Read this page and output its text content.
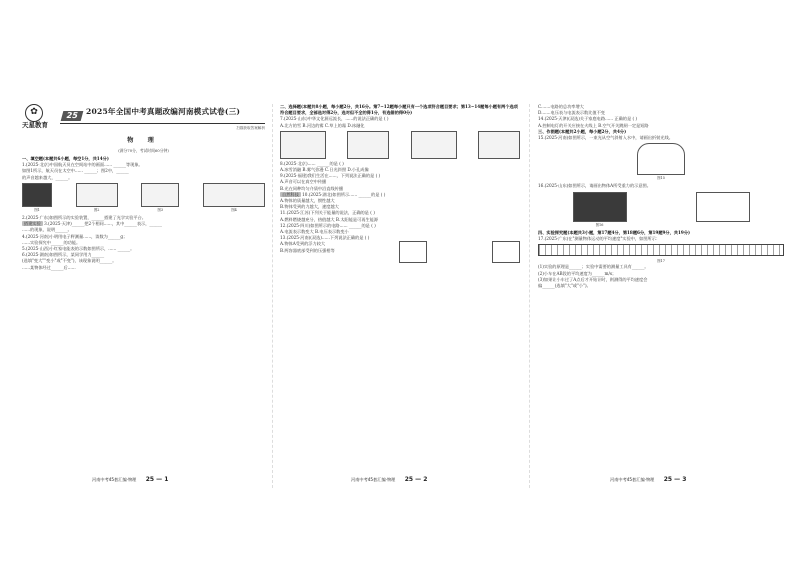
✿
天星教育
25 2025年全国中考真题改编河南模式试卷(三)
扫描获取答案解析
物 理
(满分70分，考试时间60分钟)
一、填空题(本题共6小题，每空1分，共14分)
1.(2025·北京)中国航天员在空间站中的画面...... ______等现象。
如图1所示，航天员在太空中...... ______；图2中，______
的声音越来越大，______。
图1	图2	图3	图4
2.(2025·广东)如图所示的实验装置，______搭建了光学实验平台。
搭建实验 3.(2025·天津)______把2个相同......，其中______表示，______
......的现象，说明______。
4.(2025·河南)小明用电子秤测量......，读数为______g；
......实验探究中______的功能。
5.(2025·山西)小红家电能表的示数如图所示，...... ______。
6.(2025·湖南)如图所示，某同学用力______
(选填"变大""变小"或"不变")，该现象说明______。
......某物体经过______后......
二、选择题(本题共8小题，每小题2分，共16分。第7~12题每小题只有一个选项符合题目要求；第13~14题每小题有两个选项符合题目要求，全部选对得2分，选对但不全的得1分，有选错的得0分)
7.(2025·山东)中华文化源远流长，......的说法正确的是 ( )
A.北方的雪 B.河边的雾 C.草上的霜 D.冰融化
8.(2025·北京)...... ______的是 ( )
A.冰雪消融 B.雾气弥漫 C.日光斜照 D.小孔成像
9.(2025·福建)我们生活在......，下列说法正确的是 ( )
A.声音可以在真空中传播
B.光在同种均匀介质中沿直线传播
自然科技 10.(2025·湖北)如图所示...... ______的是 ( )
A.物体的质量越大，惯性越大
B.物体受到的力越大，速度越大
11.(2025·江苏)下列关于能量的说法，正确的是 ( )
A.燃料燃烧越充分，热值越大 B.太阳能是可再生能源
12.(2025·四川)如图所示的电路...... ______的是 ( )
A.电流表示数变大 B.电压表示数变小
13.(2025·河南)(双选)......下列说法正确的是 ( )
A.物体A受到的浮力较大
B.两容器底部受到的压强相等
C.......电路的总功率增大
D.......电压表与电流表示数比值不变
14.(2025·天津)(双选)关于家庭电路...... 正确的是 ( )
A.控制电灯的开关应接在火线上 B.空气开关跳闸一定是短路
三、作图题(本题共2小题，每小题2分，共4分)
15.(2025·河南)如图所示，一束光从空气斜射入水中，请画出折射光线。
图15
16.(2025·山东)如图所示，请画出物体A所受重力的示意图。
图16
四、实验探究题(本题共3小题，第17题4分，第18题6分，第19题9分，共19分)
17.(2025·广东)在"测量物体运动的平均速度"实验中，如图所示：
图17
(1)实验的原理是______；实验中需要的测量工具有______。
(2)小车在AB段的平均速度为______m/s；
(3)如果让小车过了A点后才开始计时，则测得的平均速度会
偏______(选填"大"或"小")。
河南中考45套汇编·物理 25 — 1	河南中考45套汇编·物理 25 — 2	河南中考45套汇编·物理 25 — 3
